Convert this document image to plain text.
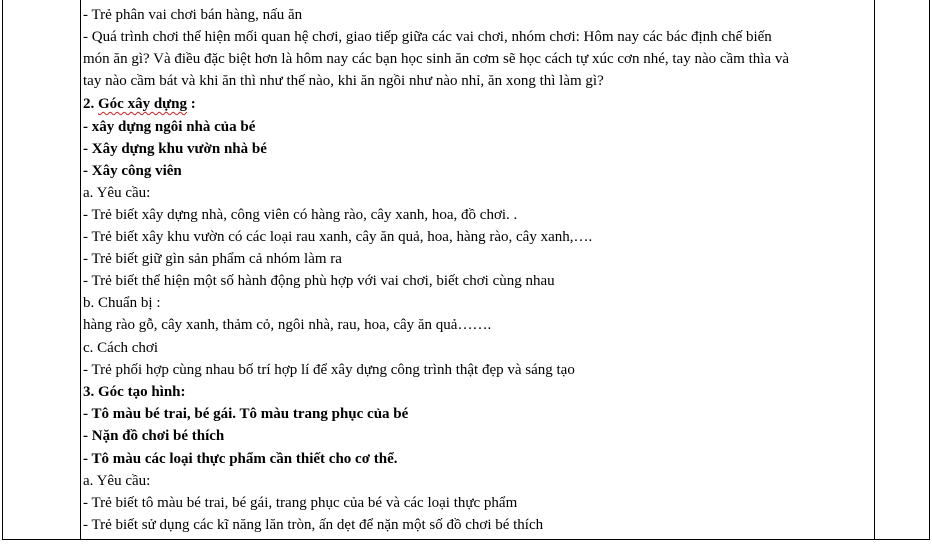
- Trẻ phân vai chơi bán hàng, nấu ăn
- Quá trình chơi thể hiện mối quan hệ chơi, giao tiếp giữa các vai chơi, nhóm chơi: Hôm nay các bác định chế biến
món ăn gì? Và điều đặc biệt hơn là hôm nay các bạn học sinh ăn cơm sẽ học cách tự xúc cơn nhé, tay nào cầm thìa và
tay nào cầm bát và khi ăn thì như thế nào, khi ăn ngồi như nào nhỉ, ăn xong thì làm gì?
2. Góc xây dựng :
- xây dựng ngôi nhà của bé
- Xây dựng khu vườn nhà bé
- Xây công viên
a. Yêu cầu:
- Trẻ biết xây dựng nhà, công viên có hàng rào, cây xanh, hoa, đồ chơi. .
- Trẻ biết xây khu vườn có các loại rau xanh, cây ăn quả, hoa, hàng rào, cây xanh,….
- Trẻ biết giữ gìn sản phẩm cả nhóm làm ra
- Trẻ biết thể hiện một số hành động phù hợp với vai chơi, biết chơi cùng nhau
b. Chuẩn bị :
hàng rào gỗ, cây xanh, thảm cỏ, ngôi nhà, rau, hoa, cây ăn quả…….
c. Cách chơi
- Trẻ phối hợp cùng nhau bố trí hợp lí để xây dựng công trình thật đẹp và sáng tạo
3. Góc tạo hình:
- Tô màu bé trai, bé gái. Tô màu trang phục của bé
- Nặn đồ chơi bé thích
- Tô màu các loại thực phẩm cần thiết cho cơ thể.
a. Yêu cầu:
- Trẻ biết tô màu bé trai, bé gái, trang phục của bé và các loại thực phẩm
- Trẻ biết sử dụng các kĩ năng lăn tròn, ấn dẹt để nặn một số đồ chơi bé thích
